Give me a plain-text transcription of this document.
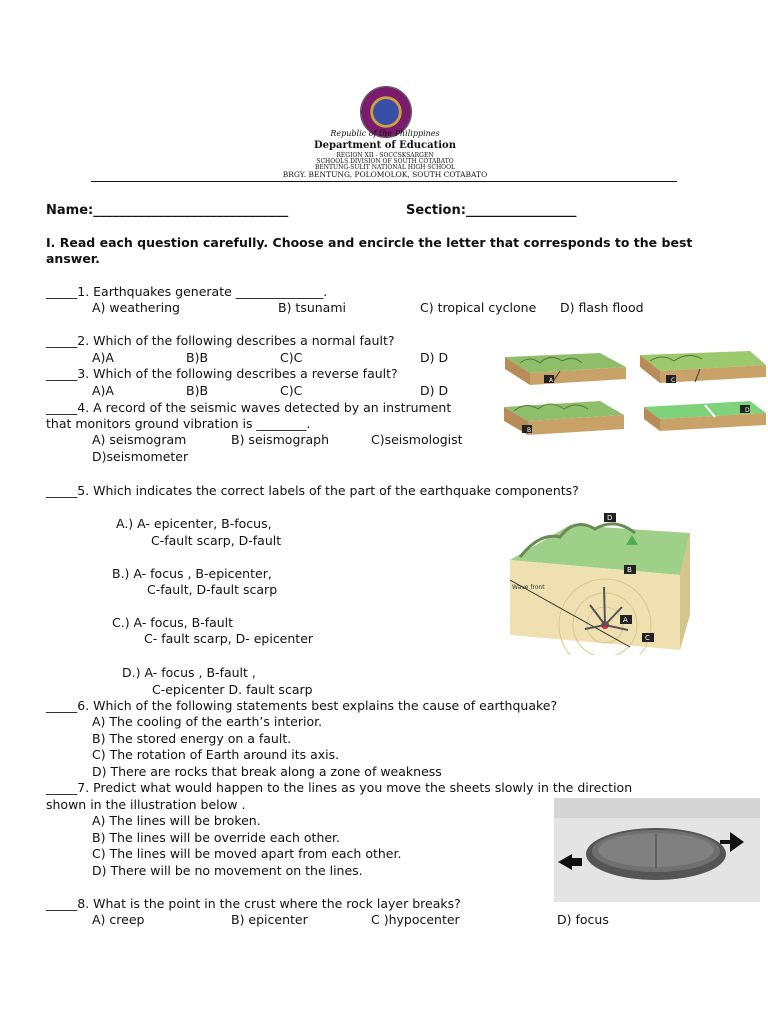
Republic of the Philippines
Department of Education
REGION XII - SOCCSKSARGEN
SCHOOLS DIVISION OF SOUTH COTABATO
BENTUNG-SULIT NATIONAL HIGH SCHOOL
BRGY. BENTUNG, POLOMOLOK, SOUTH COTABATO
Name:______________________________	Section:_________________
I. Read each question carefully. Choose and encircle the letter that corresponds to the best
answer.
_____1. Earthquakes generate ______________.
A) weathering	B) tsunami	C) tropical cyclone D) flash flood
_____2. Which of the following describes a normal fault?
A)A	B)B	C)C	D) D
_____3. Which of the following describes a reverse fault?
A)A	B)B	C)C	D) D
_____4. A record of the seismic waves detected by an instrument
that monitors ground vibration is ________.
A) seismogram	B) seismograph	C)seismologist
D)seismometer
A	C
B
D
_____5. Which indicates the correct labels of the part of the earthquake components?
A.) A- epicenter, B-focus,
C-fault scarp, D-fault
B.) A- focus , B-epicenter,
C-fault, D-fault scarp
C.) A- focus, B-fault
C- fault scarp, D- epicenter
D.) A- focus , B-fault ,
C-epicenter D. fault scarp
D
B
A
C
Wave front
_____6. Which of the following statements best explains the cause of earthquake?
A) The cooling of the earth’s interior.
B) The stored energy on a fault.
C) The rotation of Earth around its axis.
D) There are rocks that break along a zone of weakness
_____7. Predict what would happen to the lines as you move the sheets slowly in the direction
shown in the illustration below .
A) The lines will be broken.
B) The lines will be override each other.
C) The lines will be moved apart from each other.
D) There will be no movement on the lines.
_____8. What is the point in the crust where the rock layer breaks?
A) creep	B) epicenter	C )hypocenter	D) focus
